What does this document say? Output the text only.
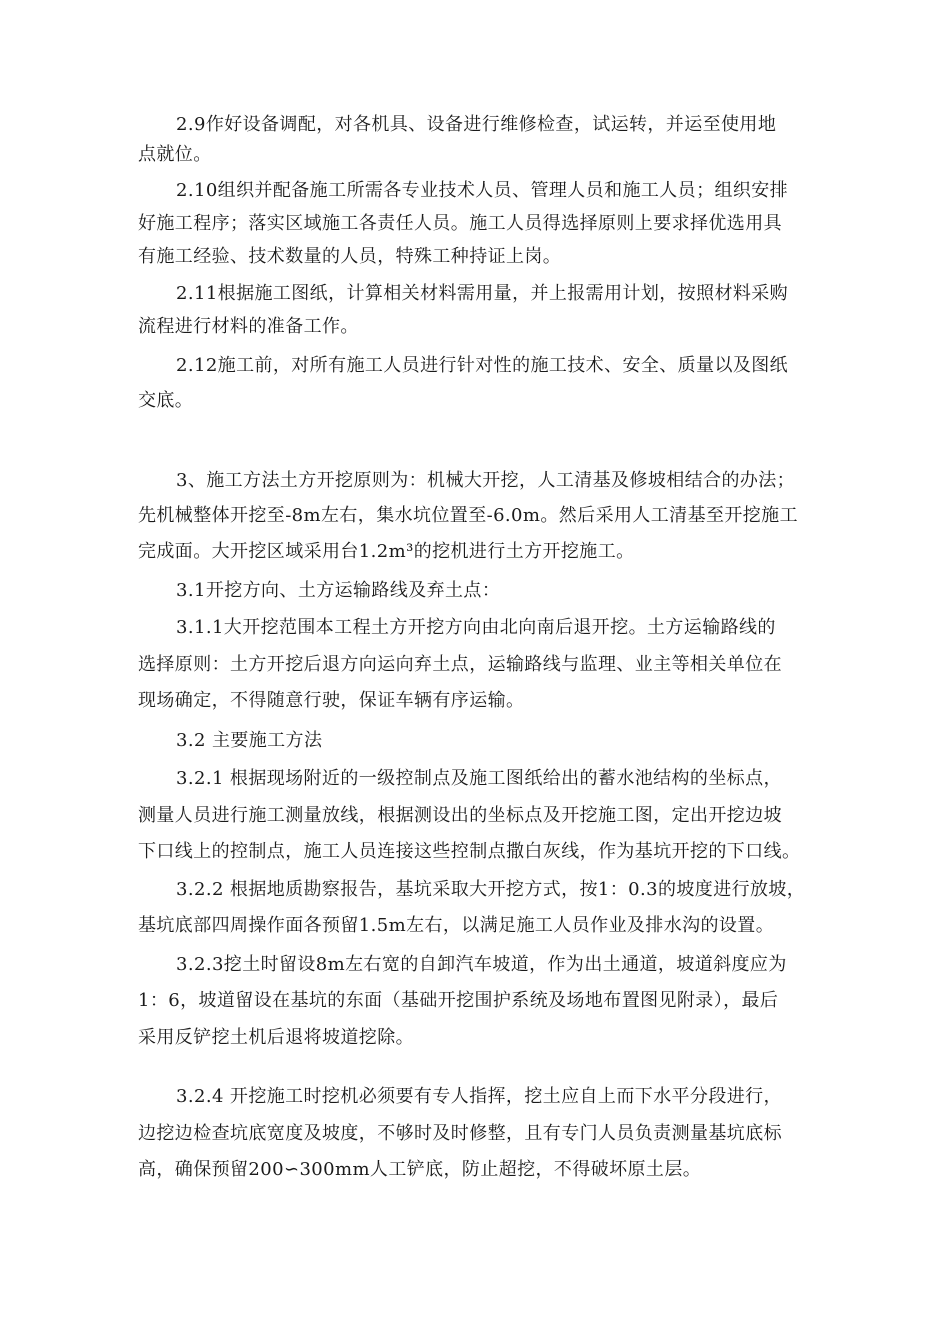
2.9作好设备调配，对各机具、设备进行维修检查，试运转，并运至使用地
点就位。
2.10组织并配备施工所需各专业技术人员、管理人员和施工人员；组织安排
好施工程序；落实区域施工各责任人员。施工人员得选择原则上要求择优选用具
有施工经验、技术数量的人员，特殊工种持证上岗。
2.11根据施工图纸，计算相关材料需用量，并上报需用计划，按照材料采购
流程进行材料的准备工作。
2.12施工前，对所有施工人员进行针对性的施工技术、安全、质量以及图纸
交底。
3、施工方法土方开挖原则为：机械大开挖，人工清基及修坡相结合的办法；
先机械整体开挖至-8m左右，集水坑位置至-6.0m。然后采用人工清基至开挖施工
完成面。大开挖区域采用台1.2m³的挖机进行土方开挖施工。
3.1开挖方向、土方运输路线及弃土点：
3.1.1大开挖范围本工程土方开挖方向由北向南后退开挖。土方运输路线的
选择原则：土方开挖后退方向运向弃土点，运输路线与监理、业主等相关单位在
现场确定，不得随意行驶，保证车辆有序运输。
3.2 主要施工方法
3.2.1 根据现场附近的一级控制点及施工图纸给出的蓄水池结构的坐标点，
测量人员进行施工测量放线，根据测设出的坐标点及开挖施工图，定出开挖边坡
下口线上的控制点，施工人员连接这些控制点撒白灰线，作为基坑开挖的下口线。
3.2.2 根据地质勘察报告，基坑采取大开挖方式，按1：0.3的坡度进行放坡，
基坑底部四周操作面各预留1.5m左右，以满足施工人员作业及排水沟的设置。
3.2.3挖土时留设8m左右宽的自卸汽车坡道，作为出土通道，坡道斜度应为
1：6，坡道留设在基坑的东面（基础开挖围护系统及场地布置图见附录），最后
采用反铲挖土机后退将坡道挖除。
3.2.4 开挖施工时挖机必须要有专人指挥，挖土应自上而下水平分段进行，
边挖边检查坑底宽度及坡度，不够时及时修整，且有专门人员负责测量基坑底标
高，确保预留200∽300mm人工铲底，防止超挖，不得破坏原土层。
